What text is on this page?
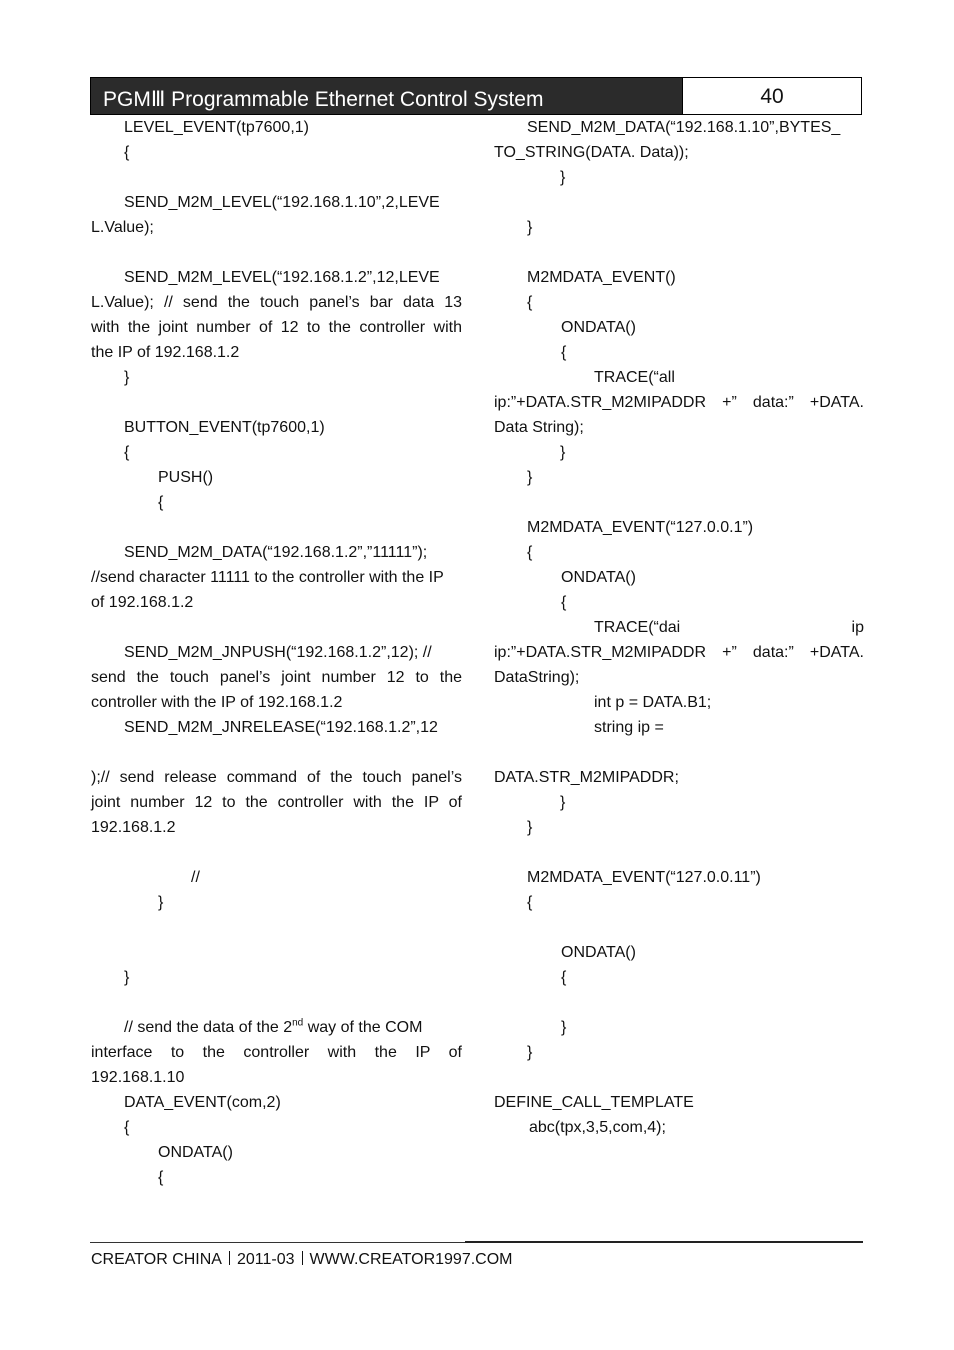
PGMⅢ Programmable Ethernet Control System	40
LEVEL_EVENT(tp7600,1)
{
SEND_M2M_LEVEL(“192.168.1.10”,2,LEVE
L.Value);
SEND_M2M_LEVEL(“192.168.1.2”,12,LEVE
L.Value); // send the touch panel’s bar data 13
with the joint number of 12 to the controller with
the IP of 192.168.1.2
}
BUTTON_EVENT(tp7600,1)
{
PUSH()
{
SEND_M2M_DATA(“192.168.1.2”,”11111”);
//send character 11111 to the controller with the IP
of 192.168.1.2
SEND_M2M_JNPUSH(“192.168.1.2”,12); //
send the touch panel’s joint number 12 to the
controller with the IP of 192.168.1.2
SEND_M2M_JNRELEASE(“192.168.1.2”,12
);// send release command of the touch panel’s
joint number 12 to the controller with the IP of
192.168.1.2
//
}
}
// send the data of the 2nd way of the COM
interface to the controller with the IP of
192.168.1.10
DATA_EVENT(com,2)
{
ONDATA()
{
SEND_M2M_DATA(“192.168.1.10”,BYTES_
TO_STRING(DATA. Data));
}
}
M2MDATA_EVENT()
{
ONDATA()
{
TRACE(“all
ip:”+DATA.STR_M2MIPADDR +” data:” +DATA.
Data String);
}
}
M2MDATA_EVENT(“127.0.0.1”)
{
ONDATA()
{
TRACE(“dai	ip
ip:”+DATA.STR_M2MIPADDR +” data:” +DATA.
DataString);
int p = DATA.B1;
string ip =
DATA.STR_M2MIPADDR;
}
}
M2MDATA_EVENT(“127.0.0.11”)
{
ONDATA()
{
}
}
DEFINE_CALL_TEMPLATE
abc(tpx,3,5,com,4);
CREATOR CHINA 2011-03 WWW.CREATOR1997.COM
